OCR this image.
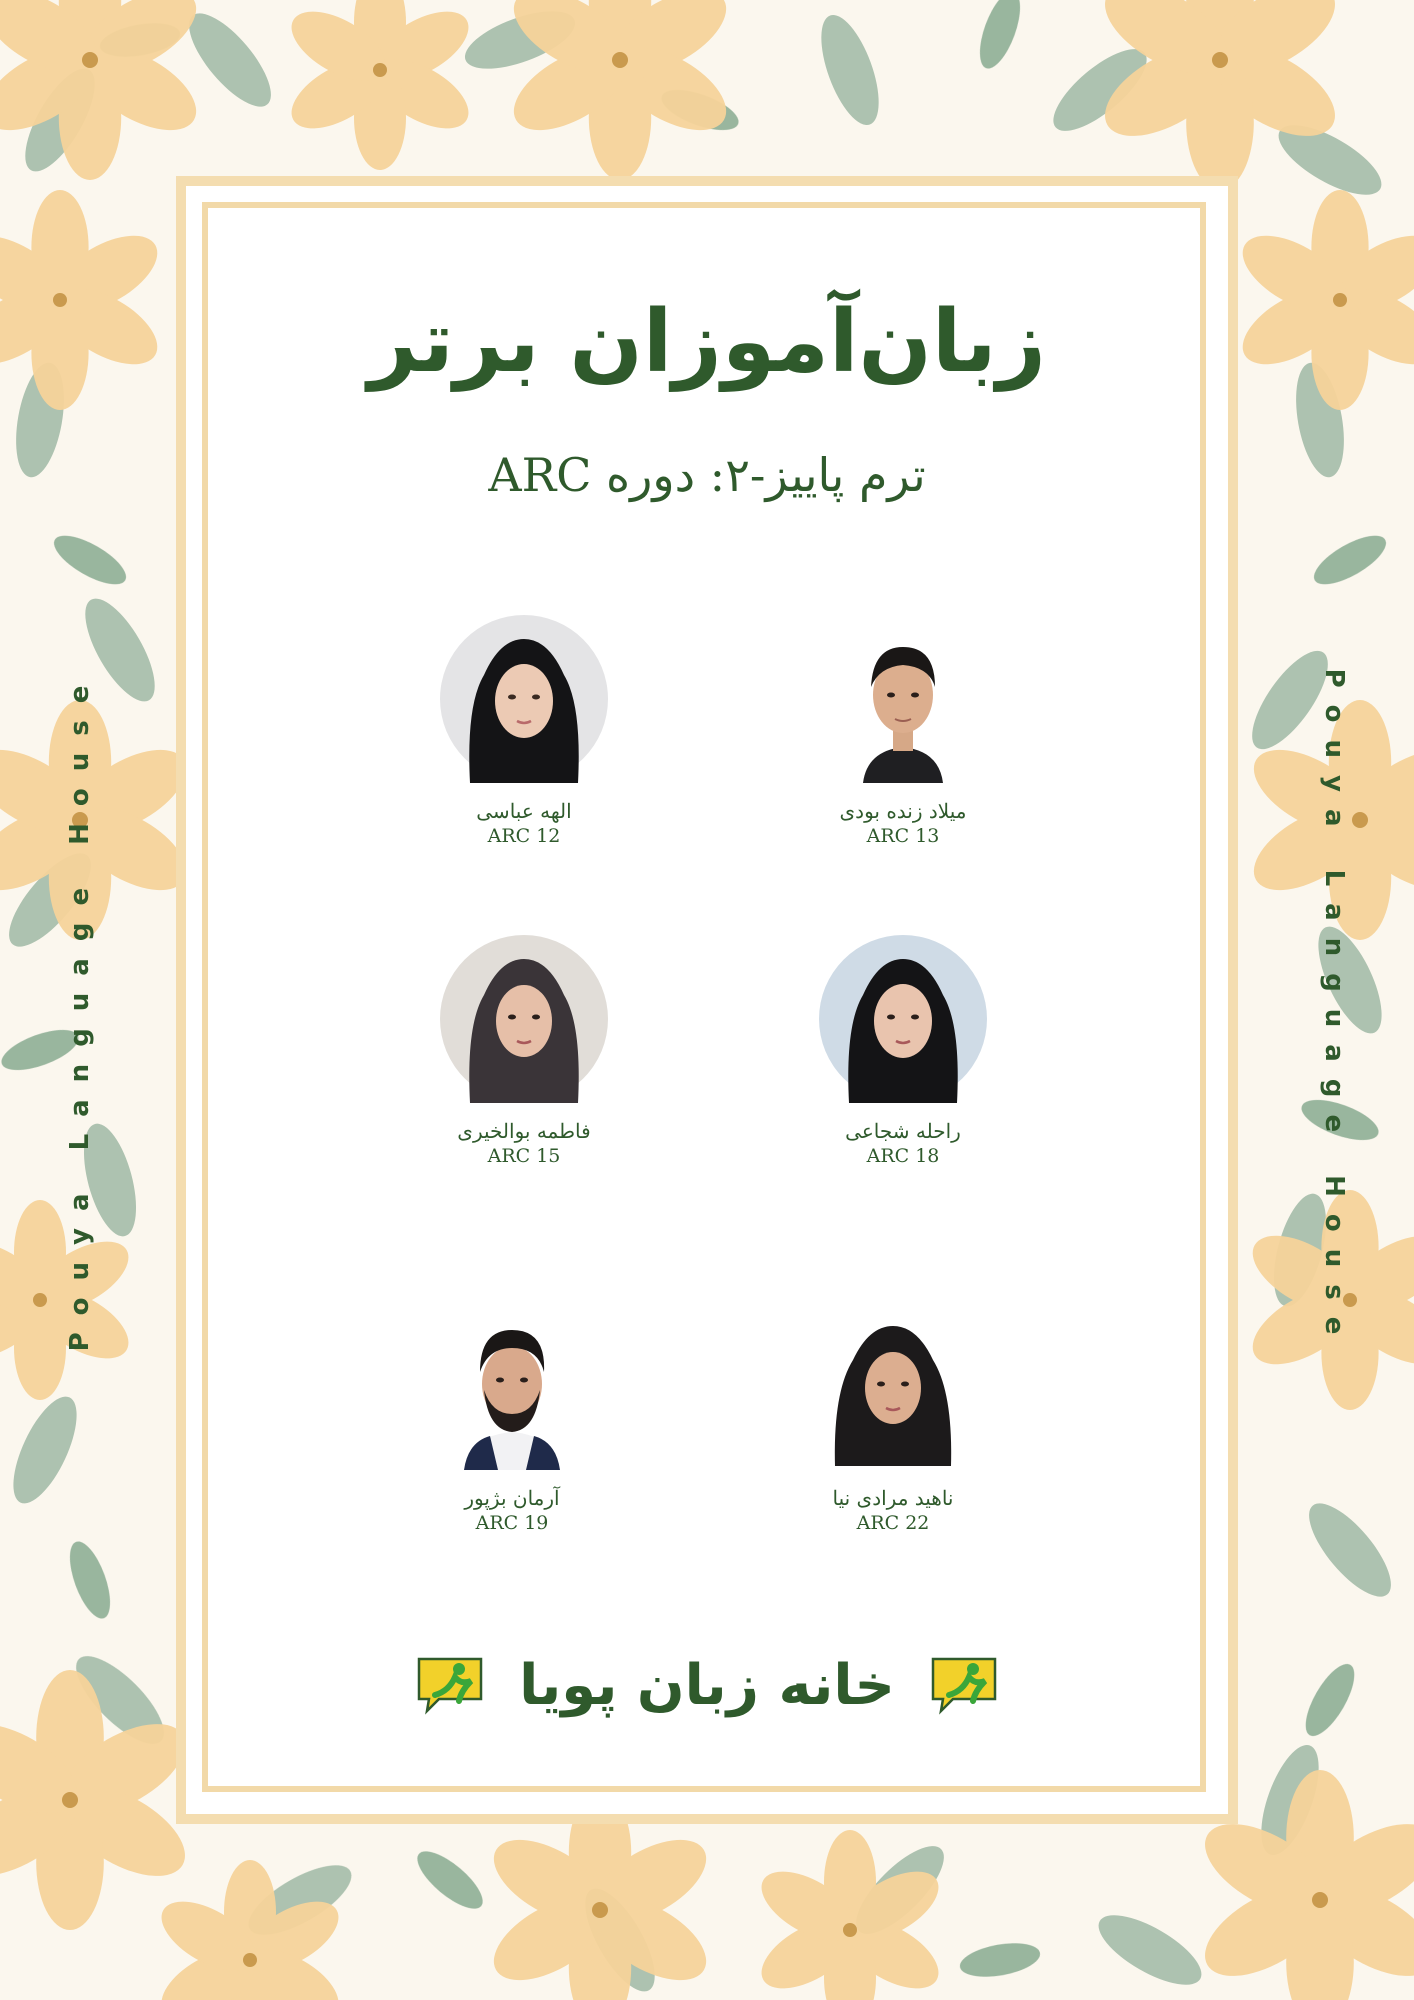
زبان‌آموزان برتر
ترم پاییز-۲: دوره ARC
Pouya Language House	Pouya Language House
میلاد زنده بودی
ARC 13
الهه عباسی
ARC 12
راحله شجاعی
ARC 18
فاطمه بوالخیری
ARC 15
ناهید مرادی نیا
ARC 22
آرمان بژپور
ARC 19
خانه زبان پویا
